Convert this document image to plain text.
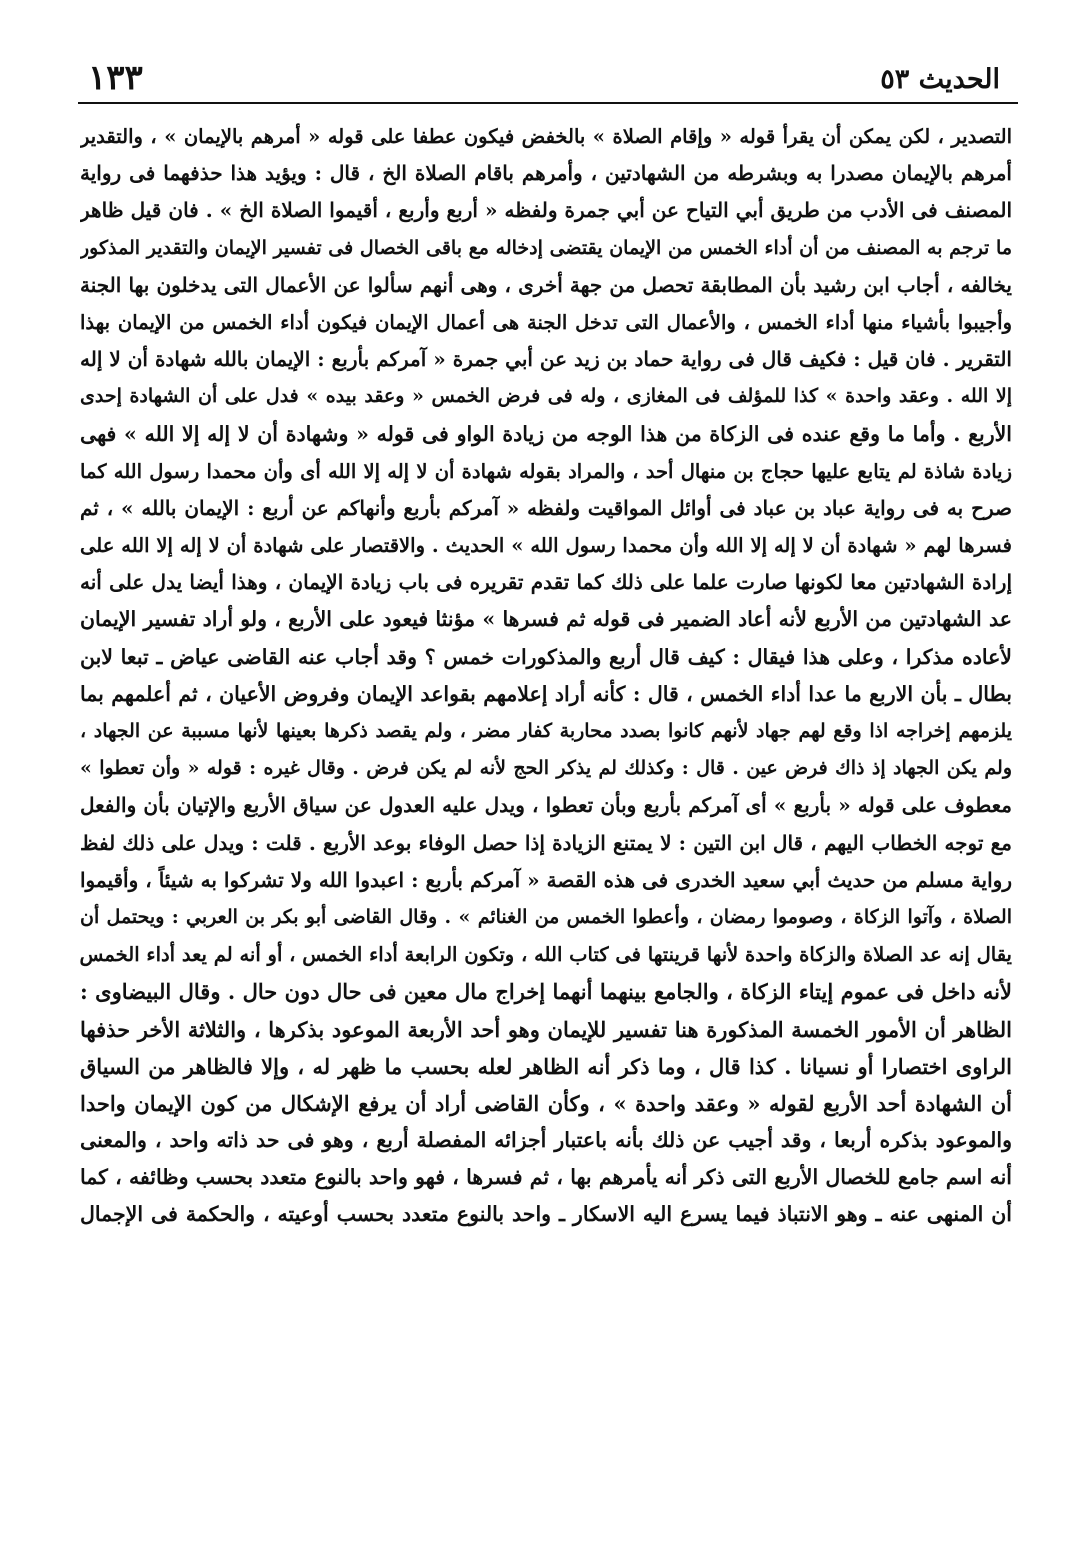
الحديث ٥٣
١٣٣
التصدير ، لكن يمكن أن يقرأ قوله « وإقام الصلاة » بالخفض فيكون عطفا على قوله « أمرهم بالإيمان » ، والتقدير
أمرهم بالإيمان مصدرا به وبشرطه من الشهادتين ، وأمرهم باقام الصلاة الخ ، قال : ويؤيد هذا حذفهما فى رواية
المصنف فى الأدب من طريق أبي التياح عن أبي جمرة ولفظه « أربع وأربع ، أقيموا الصلاة الخ » . فان قيل ظاهر
ما ترجم به المصنف من أن أداء الخمس من الإيمان يقتضى إدخاله مع باقى الخصال فى تفسير الإيمان والتقدير المذكور
يخالفه ، أجاب ابن رشيد بأن المطابقة تحصل من جهة أخرى ، وهى أنهم سألوا عن الأعمال التى يدخلون بها الجنة
وأجيبوا بأشياء منها أداء الخمس ، والأعمال التى تدخل الجنة هى أعمال الإيمان فيكون أداء الخمس من الإيمان بهذا
التقرير . فان قيل : فكيف قال فى رواية حماد بن زيد عن أبي جمرة « آمركم بأربع : الإيمان بالله شهادة أن لا إله
إلا الله . وعقد واحدة » كذا للمؤلف فى المغازى ، وله فى فرض الخمس « وعقد بيده » فدل على أن الشهادة إحدى
الأربع . وأما ما وقع عنده فى الزكاة من هذا الوجه من زيادة الواو فى قوله « وشهادة أن لا إله إلا الله » فهى
زيادة شاذة لم يتابع عليها حجاج بن منهال أحد ، والمراد بقوله شهادة أن لا إله إلا الله أى وأن محمدا رسول الله كما
صرح به فى رواية عباد بن عباد فى أوائل المواقيت ولفظه « آمركم بأربع وأنهاكم عن أربع : الإيمان بالله » ، ثم
فسرها لهم « شهادة أن لا إله إلا الله وأن محمدا رسول الله » الحديث . والاقتصار على شهادة أن لا إله إلا الله على
إرادة الشهادتين معا لكونها صارت علما على ذلك كما تقدم تقريره فى باب زيادة الإيمان ، وهذا أيضا يدل على أنه
عد الشهادتين من الأربع لأنه أعاد الضمير فى قوله ثم فسرها » مؤنثا فيعود على الأربع ، ولو أراد تفسير الإيمان
لأعاده مذكرا ، وعلى هذا فيقال : كيف قال أربع والمذكورات خمس ؟ وقد أجاب عنه القاضى عياض ـ تبعا لابن
بطال ـ بأن الاربع ما عدا أداء الخمس ، قال : كأنه أراد إعلامهم بقواعد الإيمان وفروض الأعيان ، ثم أعلمهم بما
يلزمهم إخراجه اذا وقع لهم جهاد لأنهم كانوا بصدد محاربة كفار مضر ، ولم يقصد ذكرها بعينها لأنها مسببة عن الجهاد ،
ولم يكن الجهاد إذ ذاك فرض عين . قال : وكذلك لم يذكر الحج لأنه لم يكن فرض . وقال غيره : قوله « وأن تعطوا »
معطوف على قوله « بأربع » أى آمركم بأربع وبأن تعطوا ، ويدل عليه العدول عن سياق الأربع والإتيان بأن والفعل
مع توجه الخطاب اليهم ، قال ابن التين : لا يمتنع الزيادة إذا حصل الوفاء بوعد الأربع . قلت : ويدل على ذلك لفظ
رواية مسلم من حديث أبي سعيد الخدرى فى هذه القصة « آمركم بأربع : اعبدوا الله ولا تشركوا به شيئاً ، وأقيموا
الصلاة ، وآتوا الزكاة ، وصوموا رمضان ، وأعطوا الخمس من الغنائم » . وقال القاضى أبو بكر بن العربي : ويحتمل أن
يقال إنه عد الصلاة والزكاة واحدة لأنها قرينتها فى كتاب الله ، وتكون الرابعة أداء الخمس ، أو أنه لم يعد أداء الخمس
لأنه داخل فى عموم إيتاء الزكاة ، والجامع بينهما أنهما إخراج مال معين فى حال دون حال . وقال البيضاوى :
الظاهر أن الأمور الخمسة المذكورة هنا تفسير للإيمان وهو أحد الأربعة الموعود بذكرها ، والثلاثة الأخر حذفها
الراوى اختصارا أو نسيانا . كذا قال ، وما ذكر أنه الظاهر لعله بحسب ما ظهر له ، وإلا فالظاهر من السياق
أن الشهادة أحد الأربع لقوله « وعقد واحدة » ، وكأن القاضى أراد أن يرفع الإشكال من كون الإيمان واحدا
والموعود بذكره أربعا ، وقد أجيب عن ذلك بأنه باعتبار أجزائه المفصلة أربع ، وهو فى حد ذاته واحد ، والمعنى
أنه اسم جامع للخصال الأربع التى ذكر أنه يأمرهم بها ، ثم فسرها ، فهو واحد بالنوع متعدد بحسب وظائفه ، كما
أن المنهى عنه ـ وهو الانتباذ فيما يسرع اليه الاسكار ـ واحد بالنوع متعدد بحسب أوعيته ، والحكمة فى الإجمال
